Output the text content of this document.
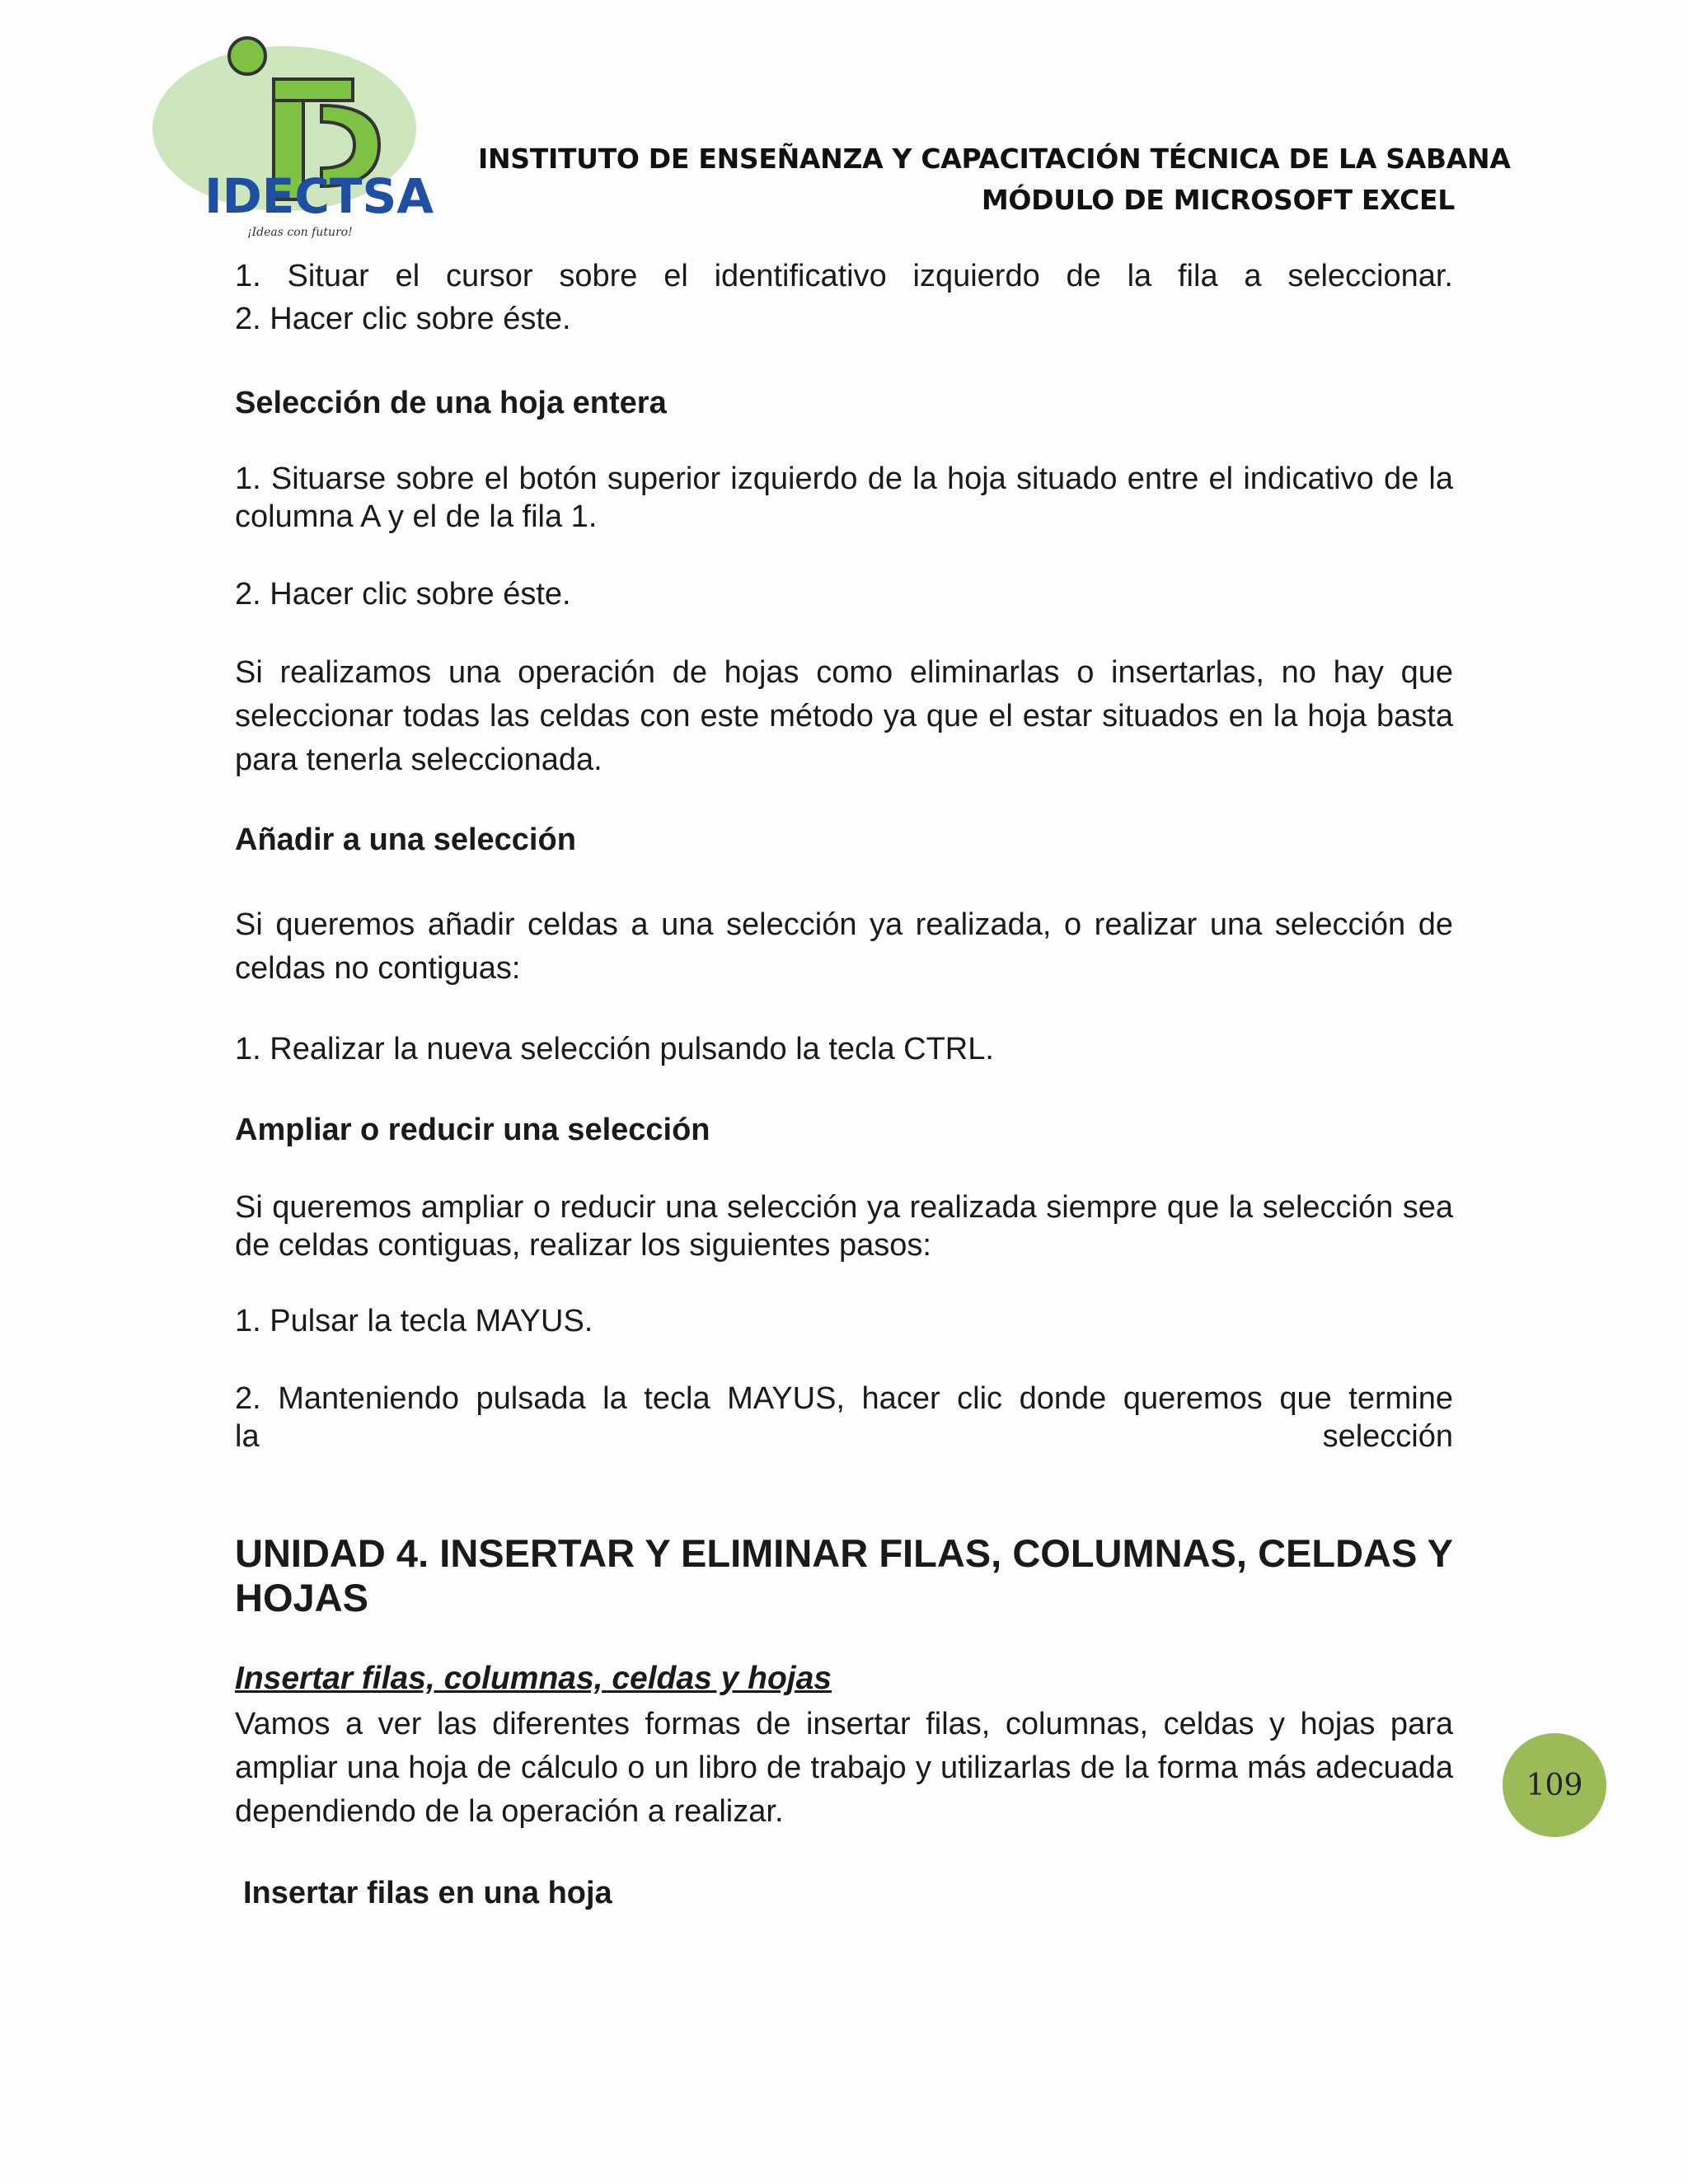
IDECTSA
¡Ideas con futuro!
INSTITUTO DE ENSEÑANZA Y CAPACITACIÓN TÉCNICA DE LA SABANA
MÓDULO DE MICROSOFT EXCEL
1. Situar el cursor sobre el identificativo izquierdo de la fila a seleccionar.
2. Hacer clic sobre éste.
Selección de una hoja entera
1. Situarse sobre el botón superior izquierdo de la hoja situado entre el indicativo de la columna A y el de la fila 1.
2. Hacer clic sobre éste.
Si realizamos una operación de hojas como eliminarlas o insertarlas, no hay que seleccionar todas las celdas con este método ya que el estar situados en la hoja basta para tenerla seleccionada.
Añadir a una selección
Si queremos añadir celdas a una selección ya realizada, o realizar una selección de celdas no contiguas:
1. Realizar la nueva selección pulsando la tecla CTRL.
Ampliar o reducir una selección
Si queremos ampliar o reducir una selección ya realizada siempre que la selección sea de celdas contiguas, realizar los siguientes pasos:
1. Pulsar la tecla MAYUS.
2. Manteniendo pulsada la tecla MAYUS, hacer clic donde queremos que termine
la	selección
UNIDAD 4. INSERTAR Y ELIMINAR FILAS, COLUMNAS, CELDAS Y HOJAS
Insertar filas, columnas, celdas y hojas
Vamos a ver las diferentes formas de insertar filas, columnas, celdas y hojas para ampliar una hoja de cálculo o un libro de trabajo y utilizarlas de la forma más adecuada dependiendo de la operación a realizar.
Insertar filas en una hoja
109
